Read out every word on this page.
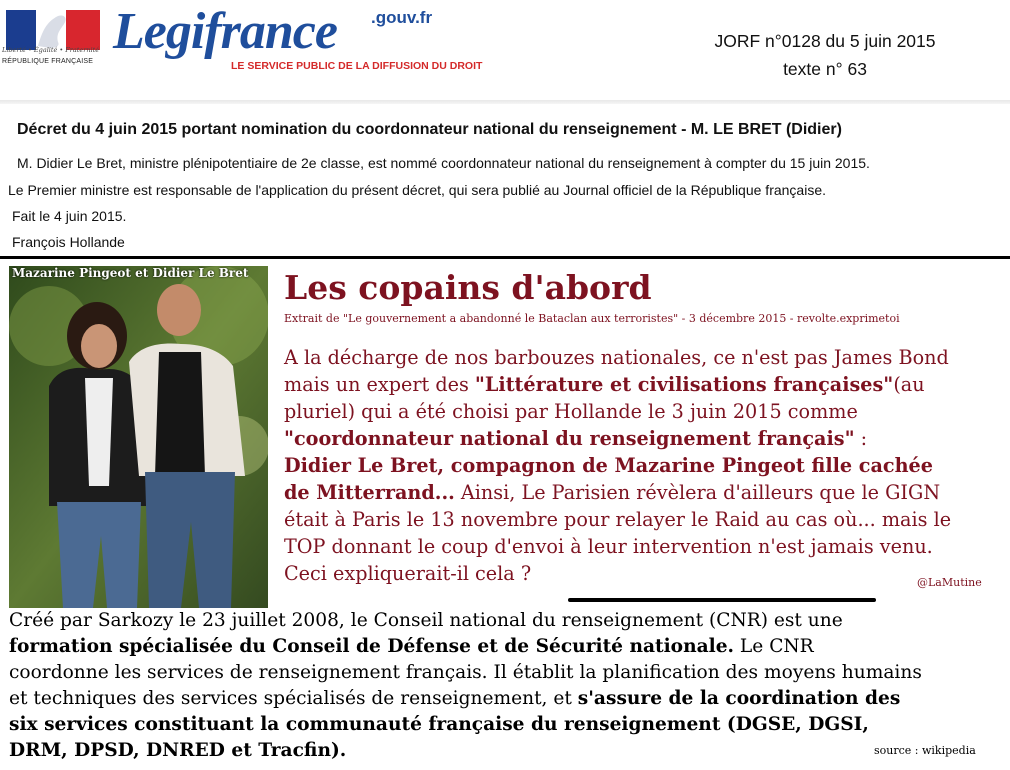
Liberté • Égalité • Fraternité
RÉPUBLIQUE FRANÇAISE
Legifrance .gouv.fr
LE SERVICE PUBLIC DE LA DIFFUSION DU DROIT
JORF n°0128 du 5 juin 2015
texte n° 63
Décret du 4 juin 2015 portant nomination du coordonnateur national du renseignement - M. LE BRET (Didier)
M. Didier Le Bret, ministre plénipotentiaire de 2e classe, est nommé coordonnateur national du renseignement à compter du 15 juin 2015.
Le Premier ministre est responsable de l'application du présent décret, qui sera publié au Journal officiel de la République française.
Fait le 4 juin 2015.
François Hollande
Mazarine Pingeot et Didier Le Bret Les copains d'abord
Extrait de "Le gouvernement a abandonné le Bataclan aux terroristes" - 3 décembre 2015 - revolte.exprimetoi
A la décharge de nos barbouzes nationales, ce n'est pas James Bond
mais un expert des "Littérature et civilisations françaises"(au
pluriel) qui a été choisi par Hollande le 3 juin 2015 comme
"coordonnateur national du renseignement français" :
Didier Le Bret, compagnon de Mazarine Pingeot fille cachée
de Mitterrand... Ainsi, Le Parisien révèlera d'ailleurs que le GIGN
était à Paris le 13 novembre pour relayer le Raid au cas où... mais le
TOP donnant le coup d'envoi à leur intervention n'est jamais venu.
Ceci expliquerait-il cela ?	@LaMutine
Créé par Sarkozy le 23 juillet 2008, le Conseil national du renseignement (CNR) est une
formation spécialisée du Conseil de Défense et de Sécurité nationale. Le CNR
coordonne les services de renseignement français. Il établit la planification des moyens humains
et techniques des services spécialisés de renseignement, et s'assure de la coordination des
six services constituant la communauté française du renseignement (DGSE, DGSI,
DRM, DPSD, DNRED et Tracfin).	source : wikipedia
